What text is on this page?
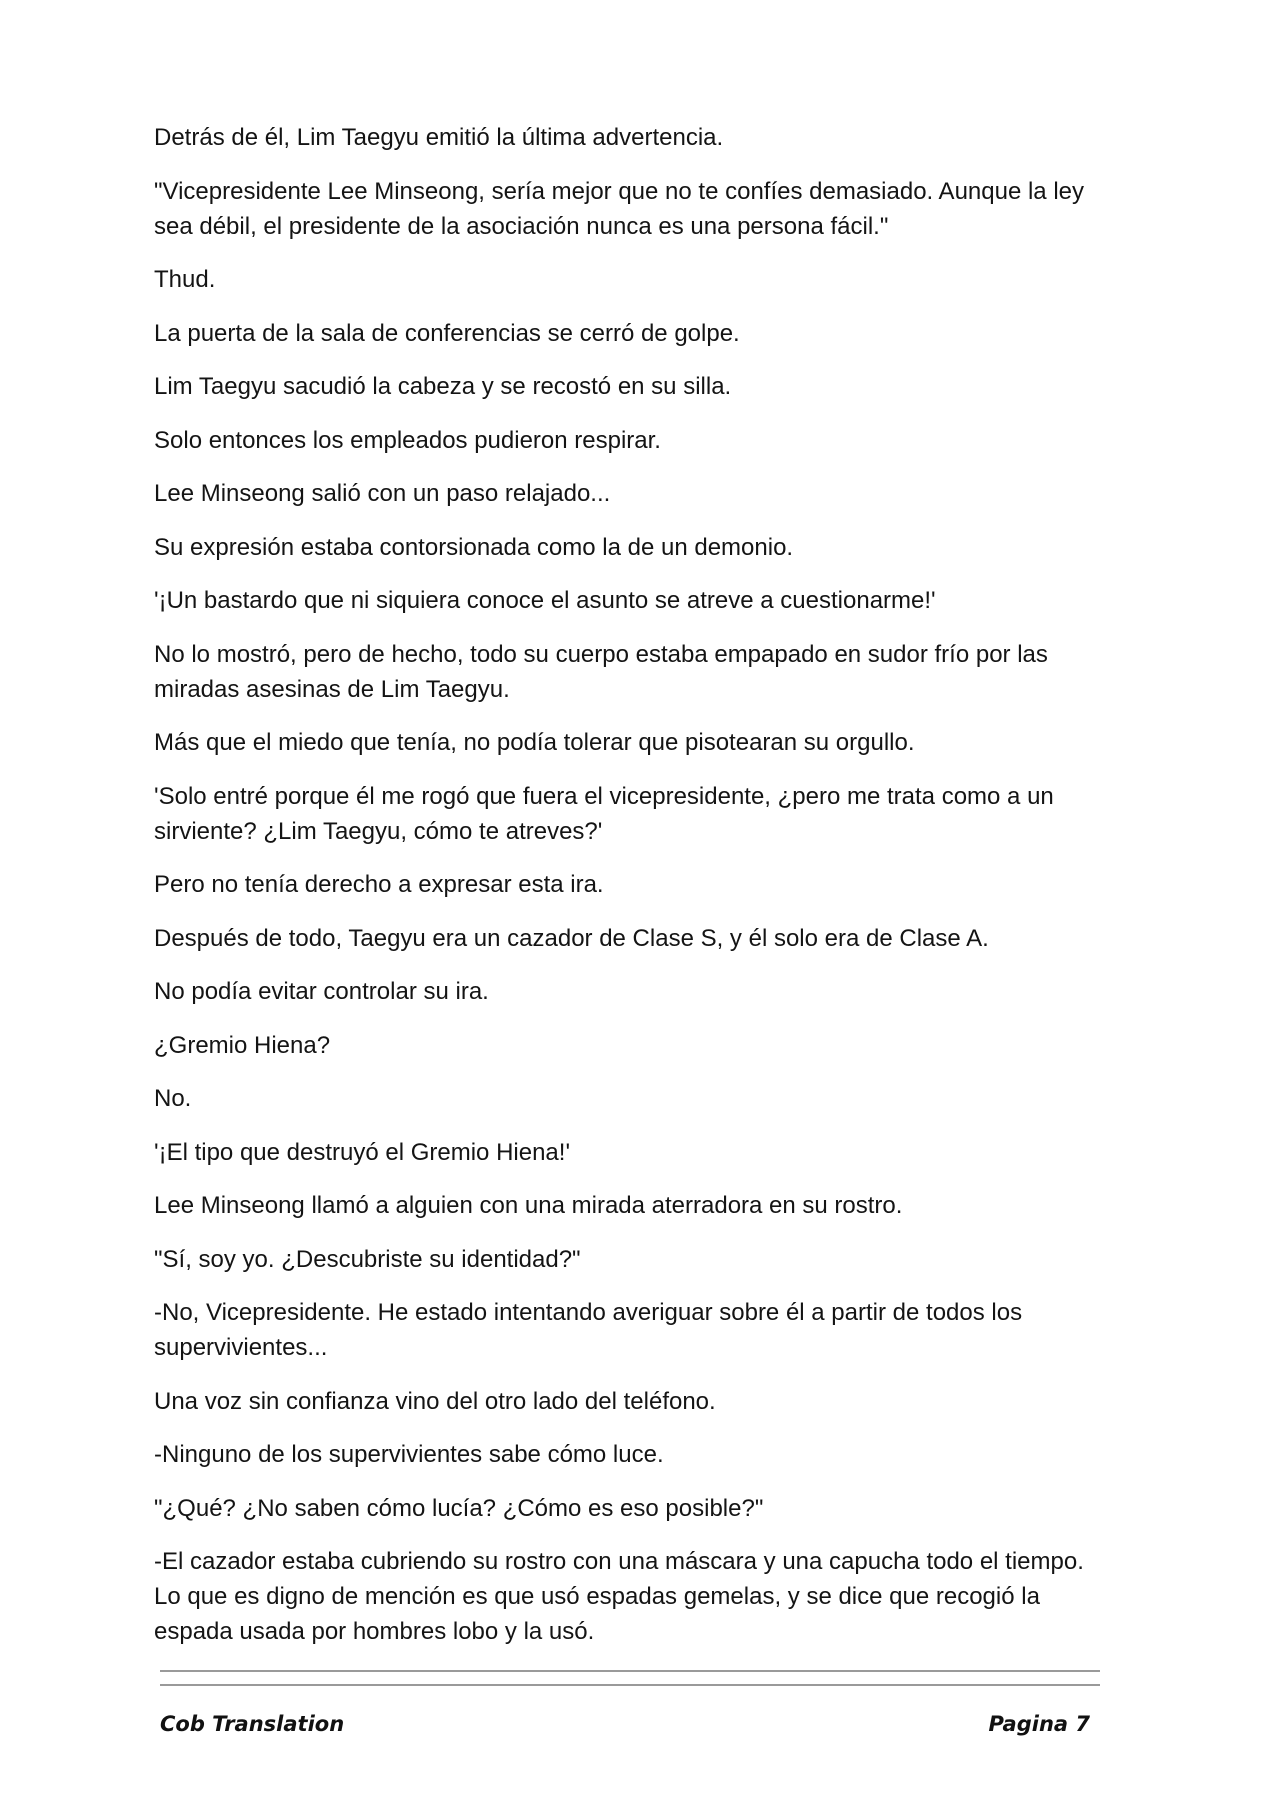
Detrás de él, Lim Taegyu emitió la última advertencia.

"Vicepresidente Lee Minseong, sería mejor que no te confíes demasiado. Aunque la ley sea débil, el presidente de la asociación nunca es una persona fácil."

Thud.

La puerta de la sala de conferencias se cerró de golpe.

Lim Taegyu sacudió la cabeza y se recostó en su silla.

Solo entonces los empleados pudieron respirar.

Lee Minseong salió con un paso relajado...

Su expresión estaba contorsionada como la de un demonio.

'¡Un bastardo que ni siquiera conoce el asunto se atreve a cuestionarme!'

No lo mostró, pero de hecho, todo su cuerpo estaba empapado en sudor frío por las miradas asesinas de Lim Taegyu.

Más que el miedo que tenía, no podía tolerar que pisotearan su orgullo.

'Solo entré porque él me rogó que fuera el vicepresidente, ¿pero me trata como a un sirviente? ¿Lim Taegyu, cómo te atreves?'

Pero no tenía derecho a expresar esta ira.

Después de todo, Taegyu era un cazador de Clase S, y él solo era de Clase A.

No podía evitar controlar su ira.

¿Gremio Hiena?

No.

'¡El tipo que destruyó el Gremio Hiena!'

Lee Minseong llamó a alguien con una mirada aterradora en su rostro.

"Sí, soy yo. ¿Descubriste su identidad?"

-No, Vicepresidente. He estado intentando averiguar sobre él a partir de todos los supervivientes...

Una voz sin confianza vino del otro lado del teléfono.

-Ninguno de los supervivientes sabe cómo luce.

"¿Qué? ¿No saben cómo lucía? ¿Cómo es eso posible?"

-El cazador estaba cubriendo su rostro con una máscara y una capucha todo el tiempo. Lo que es digno de mención es que usó espadas gemelas, y se dice que recogió la espada usada por hombres lobo y la usó.

Cob Translation	Pagina 7
